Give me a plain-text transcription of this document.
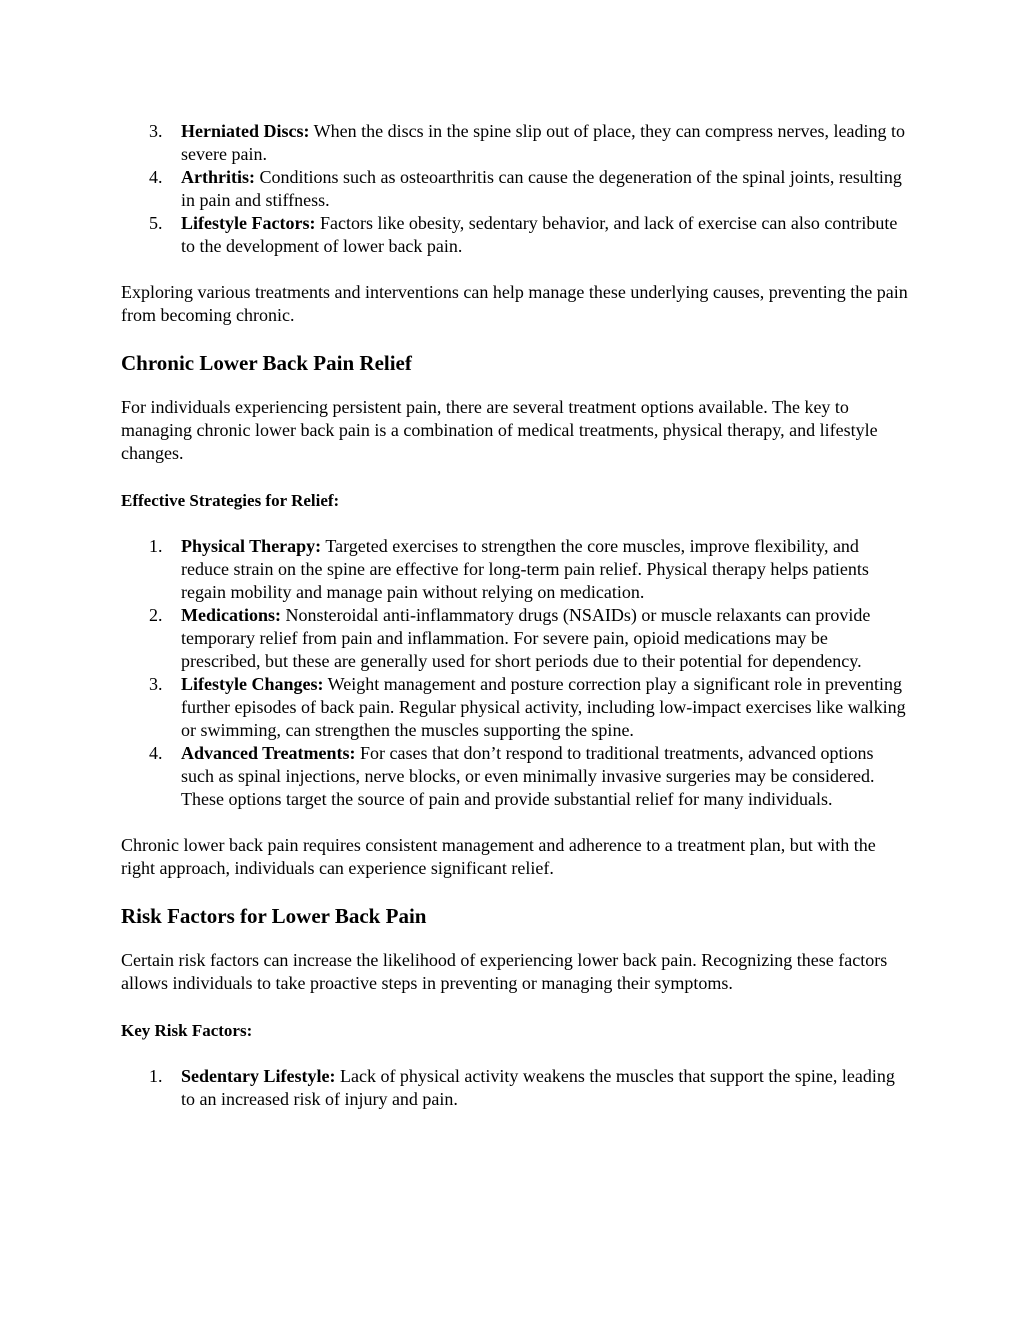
3. Herniated Discs: When the discs in the spine slip out of place, they can compress nerves, leading to severe pain.
4. Arthritis: Conditions such as osteoarthritis can cause the degeneration of the spinal joints, resulting in pain and stiffness.
5. Lifestyle Factors: Factors like obesity, sedentary behavior, and lack of exercise can also contribute to the development of lower back pain.

Exploring various treatments and interventions can help manage these underlying causes, preventing the pain from becoming chronic.

Chronic Lower Back Pain Relief

For individuals experiencing persistent pain, there are several treatment options available. The key to managing chronic lower back pain is a combination of medical treatments, physical therapy, and lifestyle changes.

Effective Strategies for Relief:

1. Physical Therapy: Targeted exercises to strengthen the core muscles, improve flexibility, and reduce strain on the spine are effective for long-term pain relief. Physical therapy helps patients regain mobility and manage pain without relying on medication.
2. Medications: Nonsteroidal anti-inflammatory drugs (NSAIDs) or muscle relaxants can provide temporary relief from pain and inflammation. For severe pain, opioid medications may be prescribed, but these are generally used for short periods due to their potential for dependency.
3. Lifestyle Changes: Weight management and posture correction play a significant role in preventing further episodes of back pain. Regular physical activity, including low-impact exercises like walking or swimming, can strengthen the muscles supporting the spine.
4. Advanced Treatments: For cases that don’t respond to traditional treatments, advanced options such as spinal injections, nerve blocks, or even minimally invasive surgeries may be considered. These options target the source of pain and provide substantial relief for many individuals.

Chronic lower back pain requires consistent management and adherence to a treatment plan, but with the right approach, individuals can experience significant relief.

Risk Factors for Lower Back Pain

Certain risk factors can increase the likelihood of experiencing lower back pain. Recognizing these factors allows individuals to take proactive steps in preventing or managing their symptoms.

Key Risk Factors:

1. Sedentary Lifestyle: Lack of physical activity weakens the muscles that support the spine, leading to an increased risk of injury and pain.
